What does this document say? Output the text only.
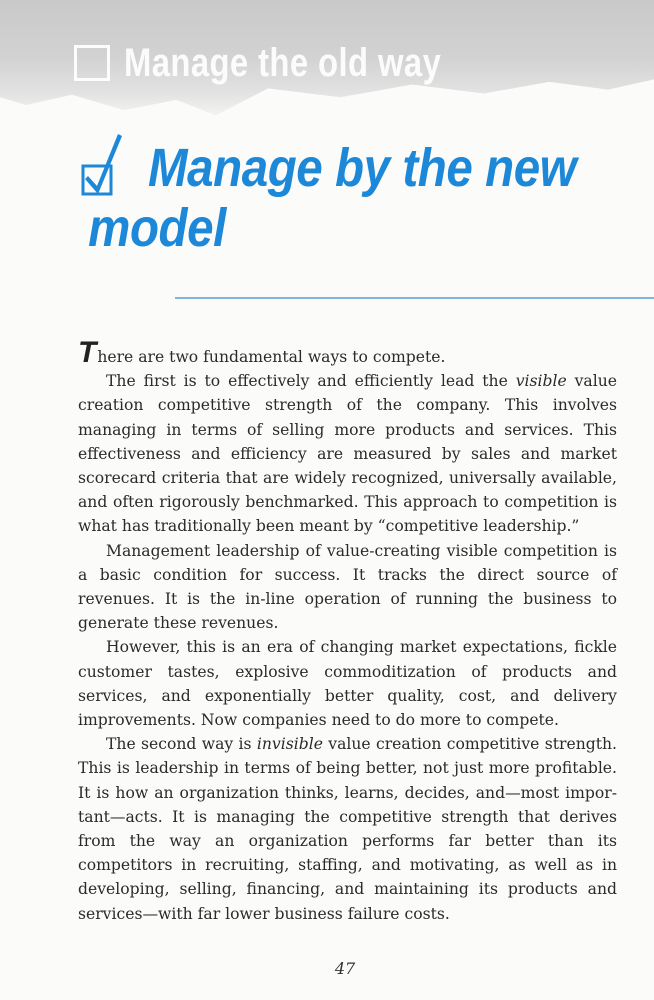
Manage the old way
Manage by the new
model

There are two fundamental ways to compete.

The first is to effectively and efficiently lead the visible value creation competitive strength of the company. This involves managing in terms of selling more products and services. This effectiveness and efficiency are measured by sales and market scorecard criteria that are widely recognized, universally available, and often rigorously benchmarked. This approach to competition is what has traditionally been meant by “competitive leadership.”

Management leadership of value-creating visible competition is a basic condition for success. It tracks the direct source of revenues. It is the in-line operation of running the business to generate these revenues.

However, this is an era of changing market expectations, fickle customer tastes, explosive commoditization of products and services, and exponentially better quality, cost, and delivery improvements. Now companies need to do more to compete.

The second way is invisible value creation competitive strength. This is leadership in terms of being better, not just more profitable. It is how an organization thinks, learns, decides, and—most important—acts. It is managing the competitive strength that derives from the way an organization performs far better than its competitors in recruiting, staffing, and motivating, as well as in developing, selling, financing, and maintaining its products and services—with far lower business failure costs.

47
